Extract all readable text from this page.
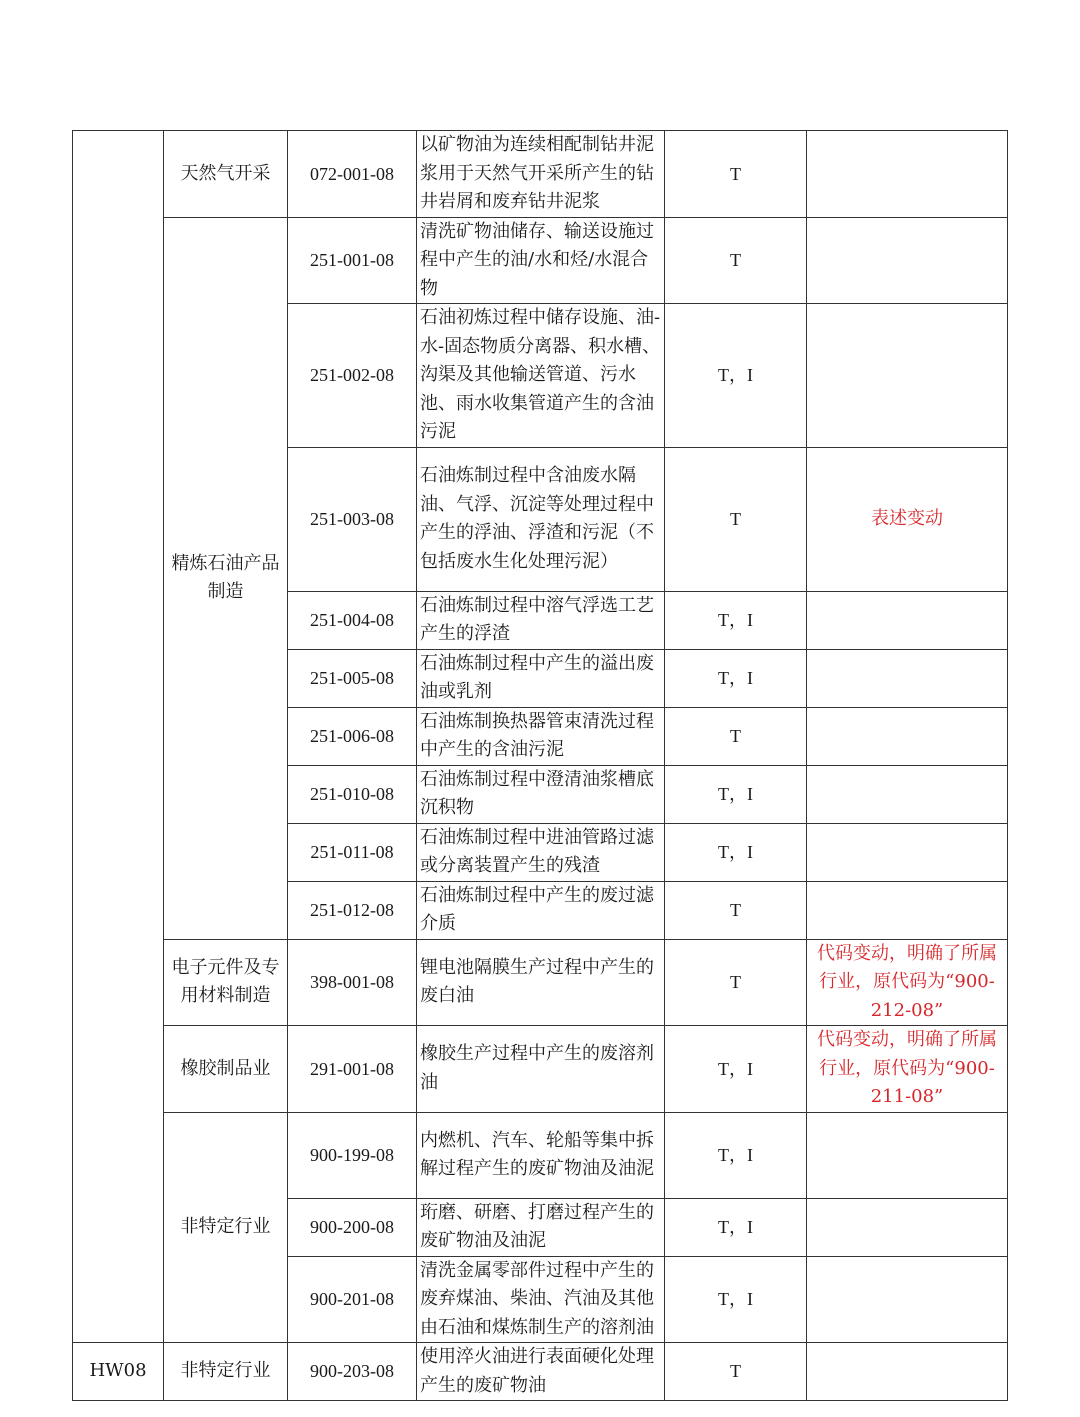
	天然气开采	072-001-08	以矿物油为连续相配制钻井泥浆用于天然气开采所产生的钻井岩屑和废弃钻井泥浆	T	
	精炼石油产品制造	251-001-08	清洗矿物油储存、输送设施过程中产生的油/水和烃/水混合物	T	
		251-002-08	石油初炼过程中储存设施、油-水-固态物质分离器、积水槽、沟渠及其他输送管道、污水池、雨水收集管道产生的含油污泥	T，I	
		251-003-08	石油炼制过程中含油废水隔油、气浮、沉淀等处理过程中产生的浮油、浮渣和污泥（不包括废水生化处理污泥）	T	表述变动
		251-004-08	石油炼制过程中溶气浮选工艺产生的浮渣	T，I	
		251-005-08	石油炼制过程中产生的溢出废油或乳剂	T，I	
		251-006-08	石油炼制换热器管束清洗过程中产生的含油污泥	T	
		251-010-08	石油炼制过程中澄清油浆槽底沉积物	T，I	
		251-011-08	石油炼制过程中进油管路过滤或分离装置产生的残渣	T，I	
		251-012-08	石油炼制过程中产生的废过滤介质	T	
	电子元件及专用材料制造	398-001-08	锂电池隔膜生产过程中产生的废白油	T	代码变动，明确了所属行业，原代码为“900-212-08”
	橡胶制品业	291-001-08	橡胶生产过程中产生的废溶剂油	T，I	代码变动，明确了所属行业，原代码为“900-211-08”
	非特定行业	900-199-08	内燃机、汽车、轮船等集中拆解过程产生的废矿物油及油泥	T，I	
		900-200-08	珩磨、研磨、打磨过程产生的废矿物油及油泥	T，I	
		900-201-08	清洗金属零部件过程中产生的废弃煤油、柴油、汽油及其他由石油和煤炼制生产的溶剂油	T，I	
HW08	非特定行业	900-203-08	使用淬火油进行表面硬化处理产生的废矿物油	T	
